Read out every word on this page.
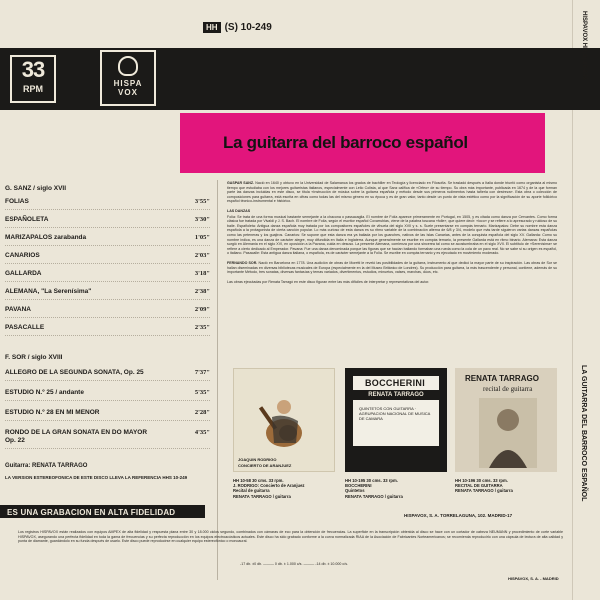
HH (S) 10-249
33
RPM
HISPA
VOX
La guitarra del barroco español
G. SANZ / siglo XVII
FOLIAS	3'55"
ESPAÑOLETA	3'30"
MARIZAPALOS zarabanda	1'05"
CANARIOS	2'03"
GALLARDA	3'18"
ALEMANA, "La Serenísima"	2'38"
PAVANA	2'09"
PASACALLE	2'35"
F. SOR / siglo XVIII
ALLEGRO DE LA SEGUNDA SONATA, Op. 25	7'37"
ESTUDIO N.º 25 / andante	5'35"
ESTUDIO N.º 28 EN MI MENOR	2'28"
RONDO DE LA GRAN SONATA EN DO MAYOR Op. 22
4'35"
Guitarra: RENATA TARRAGO
LA VERSION ESTEREOFONICA DE ESTE DISCO LLEVA LA REFERENCIA HHS 10-249

GASPAR SANZ. Nació en 1640 y obtuvo en la Universidad de Salamanca los grados de bachiller en Teología y licenciado en Filosofía. Se trasladó después a Italia donde triunfó como organista al mismo tiempo que estudiaba con los mejores guitarristas italianos, especialmente con Lelio Colista, al que Sanz califica de «Orfeo» de su tiempo. Su obra más importante, publicada en 1674 y de la que forman parte las danzas incluidas en este disco, se titula «Instrucción de música sobre la guitarra española y método desde sus primeros rudimentos hasta tañerla con destreza». Esta obra o colección de composiciones para guitarra, está escrita en cifras como todas las del mismo género en su época y es de gran valor, tanto desde un punto de vista estético como por la significación de su aporte folklórico español técnico-instrumental e histórico.

LAS DANZAS
Folía: Se trata de una forma musical bastante semejante a la chacona o passacaglia. El nombre de Folía aparece primeramente en Portugal, en 1505, y es citada como danza por Cervantes. Como forma clásica fue tratada por Vivaldi y J. S. Bach. El nombre de Folía, según el escritor español Covarrubias, viene de la palabra toscana «folle», que quiere decir: «loco» y se refiere a lo apresurado y ruidoso de su baile. Españoleta: Antigua danza española muy tratada por los compositores españoles de vihuela del siglo XVII y s. s. Suele presentarse en compás ternario. Marizapalos: Debe su nombre esta danza española a la protagonista de cierta canción popular. Lo más curioso de esta danza es su ritmo variable de la combinación alterna de 6/8 y 3/4, modelo que más tarde siguieron varias danzas españolas como las peteneras y los guajiros. Canarios: Se supone que esta danza era ya bailada por los guanches, nativos de las Islas Canarias, antes de la conquista española del siglo XV. Gallarda: Como su nombre indica, es una danza de carácter alegre, muy difundida en Italia e Inglaterra. Aunque generalmente se escribe en compás ternario, la presente Gallarda está en ritmo binario. Alemana: Esta danza surgió en Alemania en el siglo XVI, en oposición a la Pavana, cuida en desuso. La presente Alemana, comienza por una sincerea tal como se acostumbraba en el siglo XVII. El subtítulo de «Serenísima» se refiere a cierto dedicado al Emperador. Pavana: Fue una danza denominada porque las figuras que se hacían bailando formaban una rueda como la cola de un pavo real. No se sabe si su origen es español, o italiano. Pasacalle: Esta antigua danza italiana, o española, es de carácter semejante a la Folía. Se escribe en compás ternario y es ejecutado en movimiento moderado.

FERNANDO SOR. Nació en Barcelona en 1778. Una audición de obras de Moretti le reveló las posibilidades de la guitarra, instrumento al que dedicó la mayor parte de su inspiración. Las obras de Sor se hallan diseminadas en diversas bibliotecas musicales de Europa (especialmente en la del Museo Británico de Londres). Su producción para guitarra, la más trascendente y personal, contiene, además de su importante Método, tres sonatas, diversas fantasías y temas variados, divertimentos, estudios, minuetos, valses, marchas, dúos, etc.

Las obras ejecutadas por Renata Tarragó en este disco figuran entre las más difíciles de interpretar y representativas del autor.

JOAQUIN RODRIGO
CONCIERTO DE ARANJUEZ
BOCCHERINI
RENATA TARRAGO
QUINTETOS CON GUITARRA · AGRUPACION NACIONAL DE MUSICA DE CAMARA
RENATA TARRAGO
recital de guitarra
HH 10-58 30 cms. 33 rpm.
J. RODRIGO: Concierto de Aranjuez
Recital de guitarra
RENATA TARRAGO / guitarra
HH 10-195 30 cms. 33 rpm.
BOCCHERINI
Quintetos
RENATA TARRAGO / guitarra
HH 10-196 30 cms. 33 rpm.
RECITAL DE GUITARRA
RENATA TARRAGO / guitarra
ES UNA GRABACION EN ALTA FIDELIDAD	HISPAVOX, S. A. TORRELAGUNA, 102. MADRID-17
Los registros HISPAVOX están realizados con equipos AMPEX de alta fidelidad y respuesta plana entre 30 y 18.000 ciclos segundo, combinados con cámaras de eco para la obtención de frecuencias. La superficie en la transcripción obtenida al disco se hace con un cortador de cabeza NEUMANN y procedimiento de corte variable HISPAVOX, asegurando una perfecta fidelidad en toda la gama de frecuencias y su perfecta reproducción en los equipos electroacústicos actuales. Este disco ha sido grabado conforme a la curva normalizada RIAA de la Asociación de Fabricantes Norteamericanos; se recomienda reproducirlo con una cápsula de lectura de alta calidad y punta de diamante, guardándolo en su funda después de usarlo. Este disco puede reproducirse en cualquier equipo estereofónico o monoaural.
-17 db. ±0 db. ——— 0 db. ± 1.000 c/s. ——— -14 db. ± 10.000 c/s.
HISPAVOX, S. A. - MADRID
HISPAVOX HH(S) 10-249
LA GUITARRA DEL BARROCO ESPAÑOL
